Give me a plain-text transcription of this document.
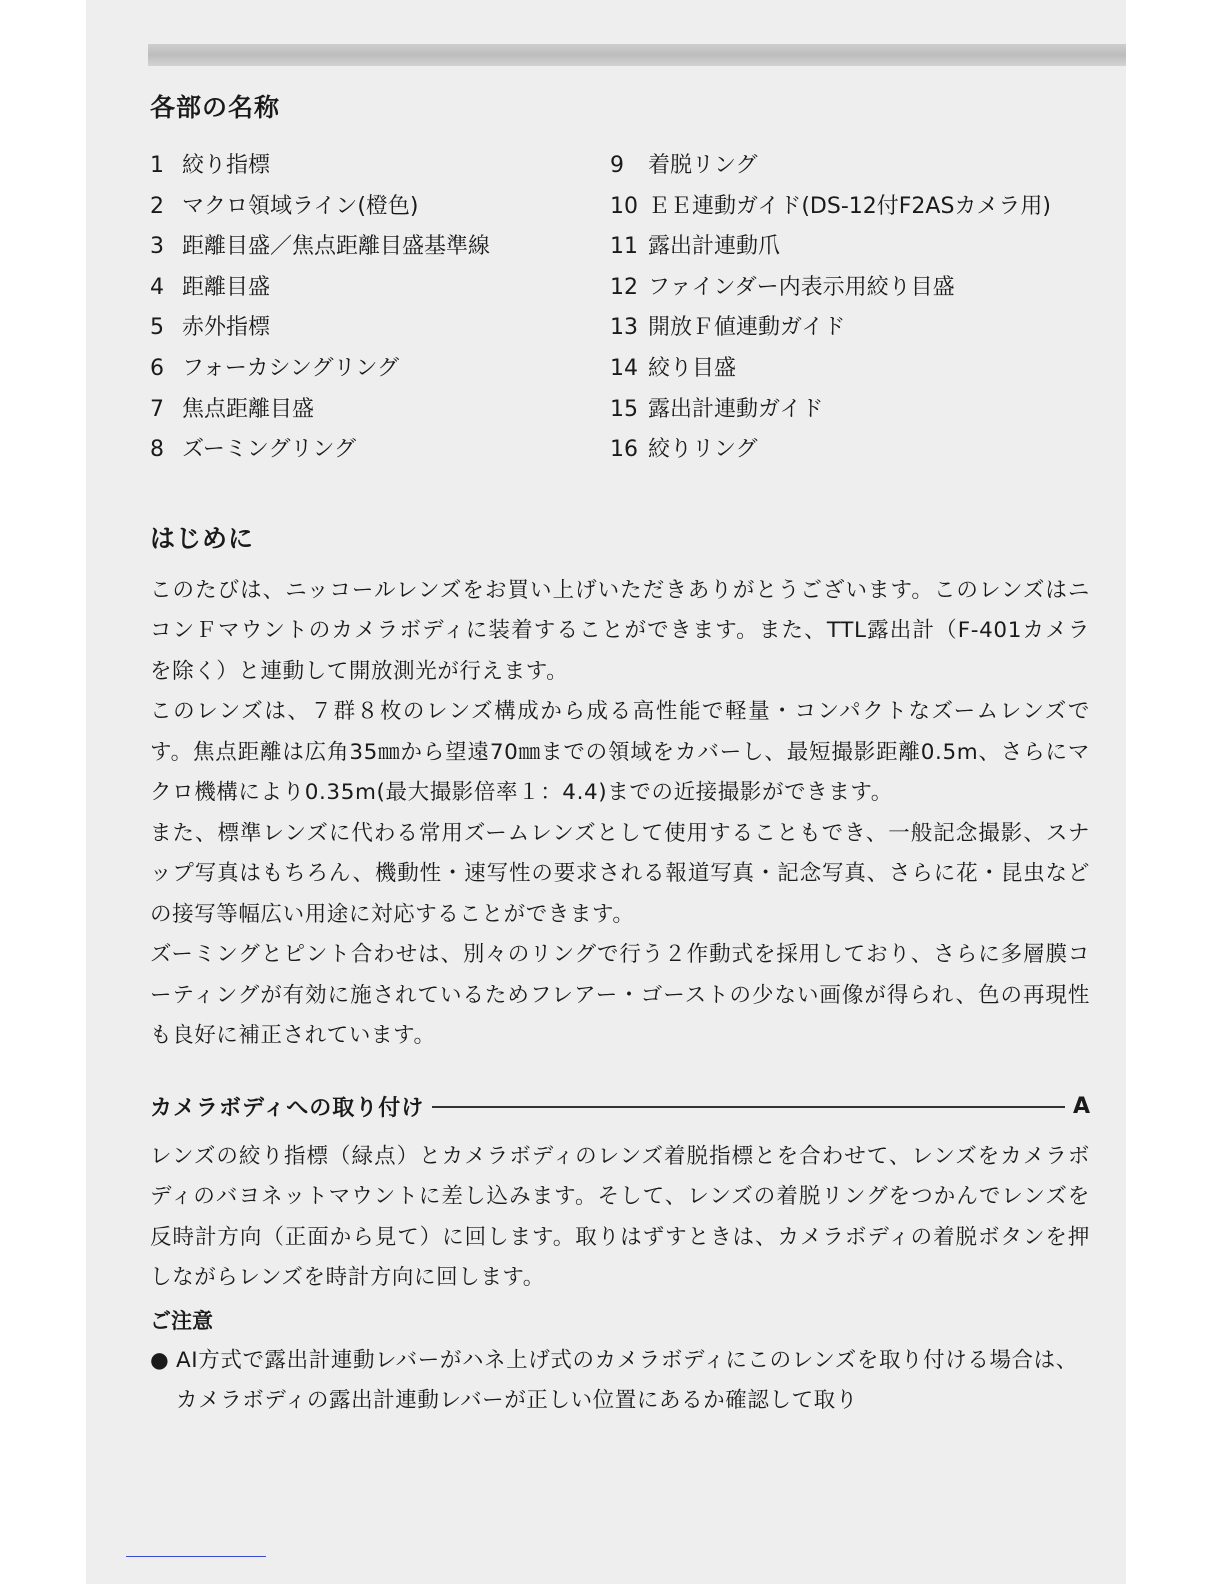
各部の名称
1 絞り指標
2 マクロ領域ライン(橙色)
3 距離目盛／焦点距離目盛基準線
4 距離目盛
5 赤外指標
6 フォーカシングリング
7 焦点距離目盛
8 ズーミングリング
9 着脱リング
10 ＥＥ連動ガイド(DS-12付F2ASカメラ用)
11 露出計連動爪
12 ファインダー内表示用絞り目盛
13 開放Ｆ値連動ガイド
14 絞り目盛
15 露出計連動ガイド
16 絞りリング
はじめに

このたびは、ニッコールレンズをお買い上げいただきありがとうございます。このレンズはニコンＦマウントのカメラボディに装着することができます。また、TTL露出計（F-401カメラを除く）と連動して開放測光が行えます。

このレンズは、７群８枚のレンズ構成から成る高性能で軽量・コンパクトなズームレンズです。焦点距離は広角35㎜から望遠70㎜までの領域をカバーし、最短撮影距離0.5m、さらにマクロ機構により0.35m(最大撮影倍率１：4.4)までの近接撮影ができます。

また、標準レンズに代わる常用ズームレンズとして使用することもでき、一般記念撮影、スナップ写真はもちろん、機動性・速写性の要求される報道写真・記念写真、さらに花・昆虫などの接写等幅広い用途に対応することができます。

ズーミングとピント合わせは、別々のリングで行う２作動式を採用しており、さらに多層膜コーティングが有効に施されているためフレアー・ゴーストの少ない画像が得られ、色の再現性も良好に補正されています。

カメラボディへの取り付け	A

レンズの絞り指標（緑点）とカメラボディのレンズ着脱指標とを合わせて、レンズをカメラボディのバヨネットマウントに差し込みます。そして、レンズの着脱リングをつかんでレンズを反時計方向（正面から見て）に回します。取りはずすときは、カメラボディの着脱ボタンを押しながらレンズを時計方向に回します。

ご注意
● AI方式で露出計連動レバーがハネ上げ式のカメラボディにこのレンズを取り付ける場合は、カメラボディの露出計連動レバーが正しい位置にあるか確認して取り
